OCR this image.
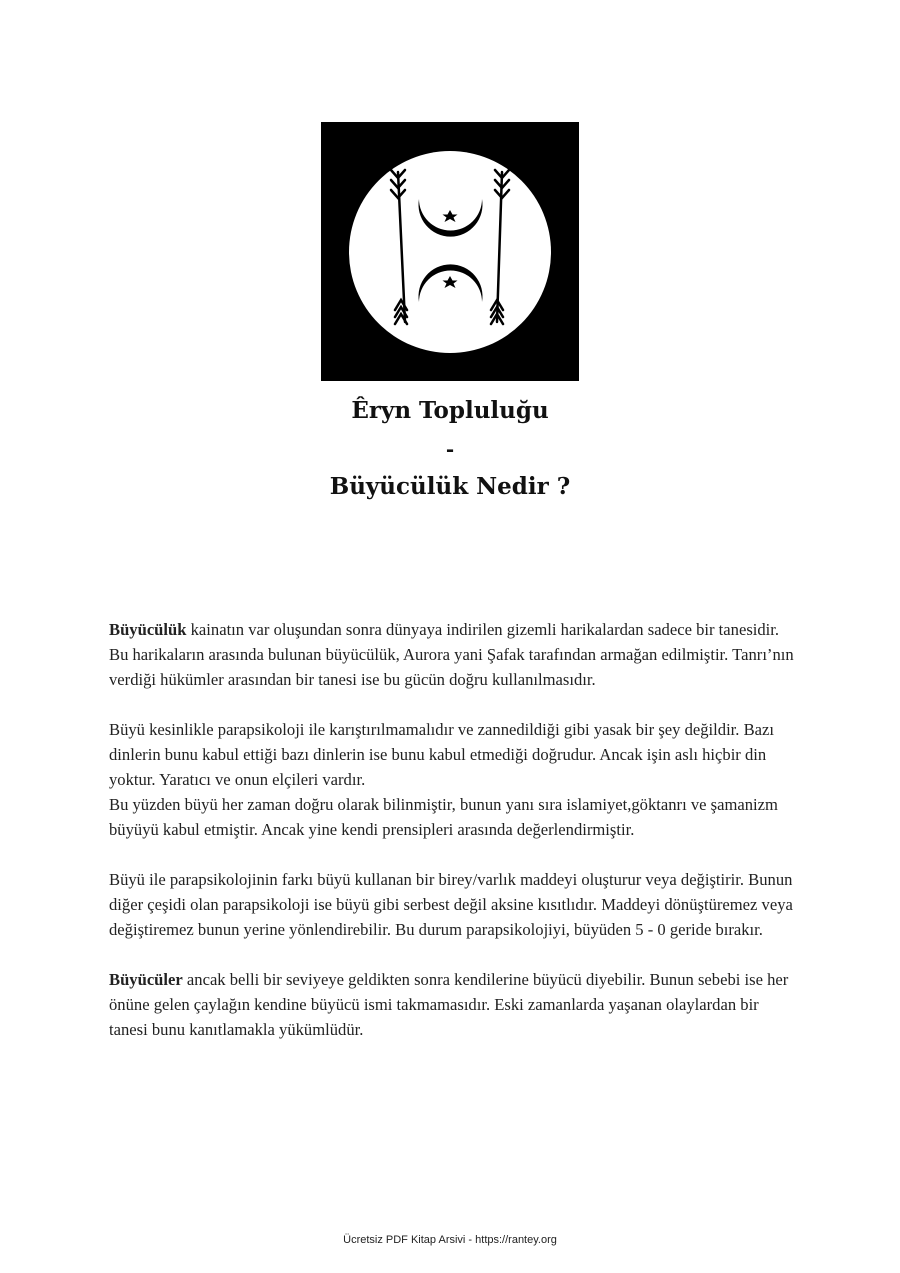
Êryn Topluluğu
-
Büyücülük Nedir ?

Büyücülük kainatın var oluşundan sonra dünyaya indirilen gizemli harikalardan sadece bir tanesidir. Bu harikaların arasında bulunan büyücülük, Aurora yani Şafak tarafından armağan edilmiştir. Tanrı’nın verdiği hükümler arasından bir tanesi ise bu gücün doğru kullanılmasıdır.

Büyü kesinlikle parapsikoloji ile karıştırılmamalıdır ve zannedildiği gibi yasak bir şey değildir. Bazı dinlerin bunu kabul ettiği bazı dinlerin ise bunu kabul etmediği doğrudur. Ancak işin aslı hiçbir din yoktur. Yaratıcı ve onun elçileri vardır.
Bu yüzden büyü her zaman doğru olarak bilinmiştir, bunun yanı sıra islamiyet,göktanrı ve şamanizm büyüyü kabul etmiştir. Ancak yine kendi prensipleri arasında değerlendirmiştir.

Büyü ile parapsikolojinin farkı büyü kullanan bir birey/varlık maddeyi oluşturur veya değiştirir. Bunun diğer çeşidi olan parapsikoloji ise büyü gibi serbest değil aksine kısıtlıdır. Maddeyi dönüştüremez veya değiştiremez bunun yerine yönlendirebilir. Bu durum parapsikolojiyi, büyüden 5 - 0 geride bırakır.

Büyücüler ancak belli bir seviyeye geldikten sonra kendilerine büyücü diyebilir. Bunun sebebi ise her önüne gelen çaylağın kendine büyücü ismi takmamasıdır. Eski zamanlarda yaşanan olaylardan bir tanesi bunu kanıtlamakla yükümlüdür.

Ücretsiz PDF Kitap Arsivi - https://rantey.org
